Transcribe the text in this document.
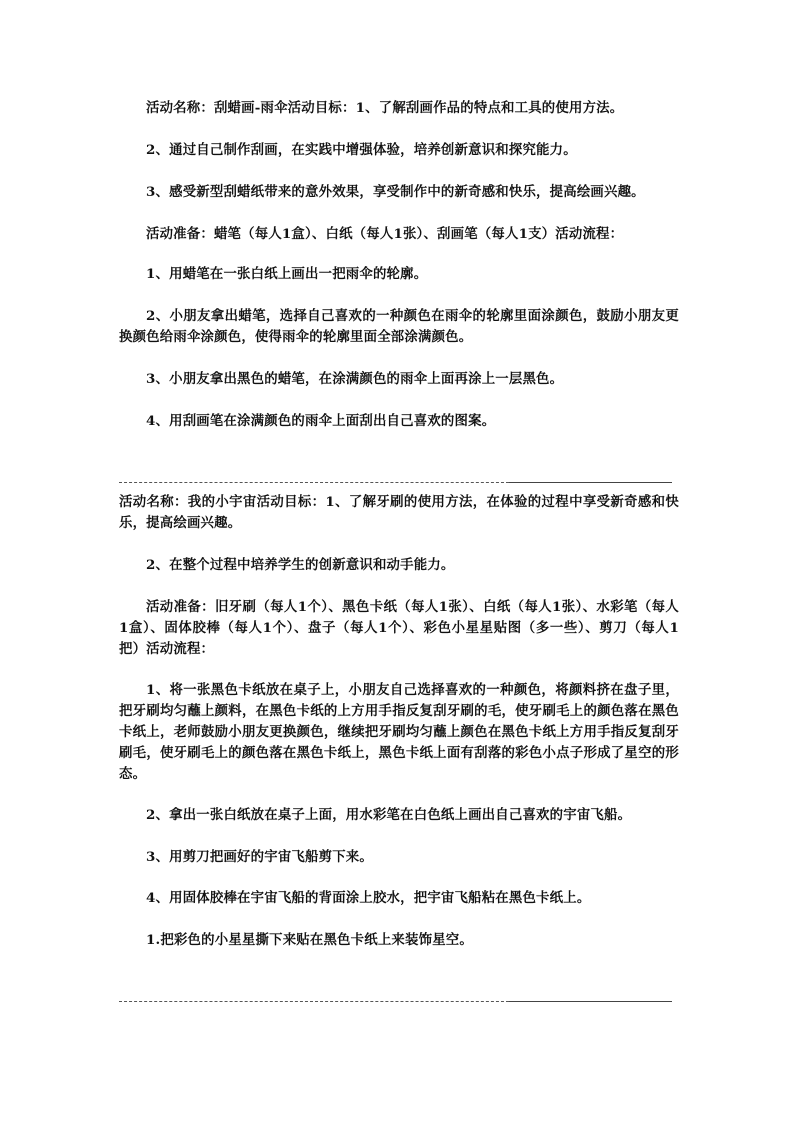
活动名称：刮蜡画-雨伞活动目标：1、了解刮画作品的特点和工具的使用方法。

2、通过自己制作刮画，在实践中增强体验，培养创新意识和探究能力。

3、感受新型刮蜡纸带来的意外效果，享受制作中的新奇感和快乐，提高绘画兴趣。

活动准备：蜡笔（每人1盒）、白纸（每人1张）、刮画笔（每人1支）活动流程：

1、用蜡笔在一张白纸上画出一把雨伞的轮廓。

2、小朋友拿出蜡笔，选择自己喜欢的一种颜色在雨伞的轮廓里面涂颜色，鼓励小朋友更换颜色给雨伞涂颜色，使得雨伞的轮廓里面全部涂满颜色。

3、小朋友拿出黑色的蜡笔，在涂满颜色的雨伞上面再涂上一层黑色。

4、用刮画笔在涂满颜色的雨伞上面刮出自己喜欢的图案。

活动名称：我的小宇宙活动目标：1、了解牙刷的使用方法，在体验的过程中享受新奇感和快乐，提高绘画兴趣。

2、在整个过程中培养学生的创新意识和动手能力。

活动准备：旧牙刷（每人1个）、黑色卡纸（每人1张）、白纸（每人1张）、水彩笔（每人1盒）、固体胶棒（每人1个）、盘子（每人1个）、彩色小星星贴图（多一些）、剪刀（每人1把）活动流程：

1、将一张黑色卡纸放在桌子上，小朋友自己选择喜欢的一种颜色，将颜料挤在盘子里，把牙刷均匀蘸上颜料，在黑色卡纸的上方用手指反复刮牙刷的毛，使牙刷毛上的颜色落在黑色卡纸上，老师鼓励小朋友更换颜色，继续把牙刷均匀蘸上颜色在黑色卡纸上方用手指反复刮牙刷毛，使牙刷毛上的颜色落在黑色卡纸上，黑色卡纸上面有刮落的彩色小点子形成了星空的形态。

2、拿出一张白纸放在桌子上面，用水彩笔在白色纸上画出自己喜欢的宇宙飞船。

3、用剪刀把画好的宇宙飞船剪下来。

4、用固体胶棒在宇宙飞船的背面涂上胶水，把宇宙飞船粘在黑色卡纸上。

1.把彩色的小星星撕下来贴在黑色卡纸上来装饰星空。
